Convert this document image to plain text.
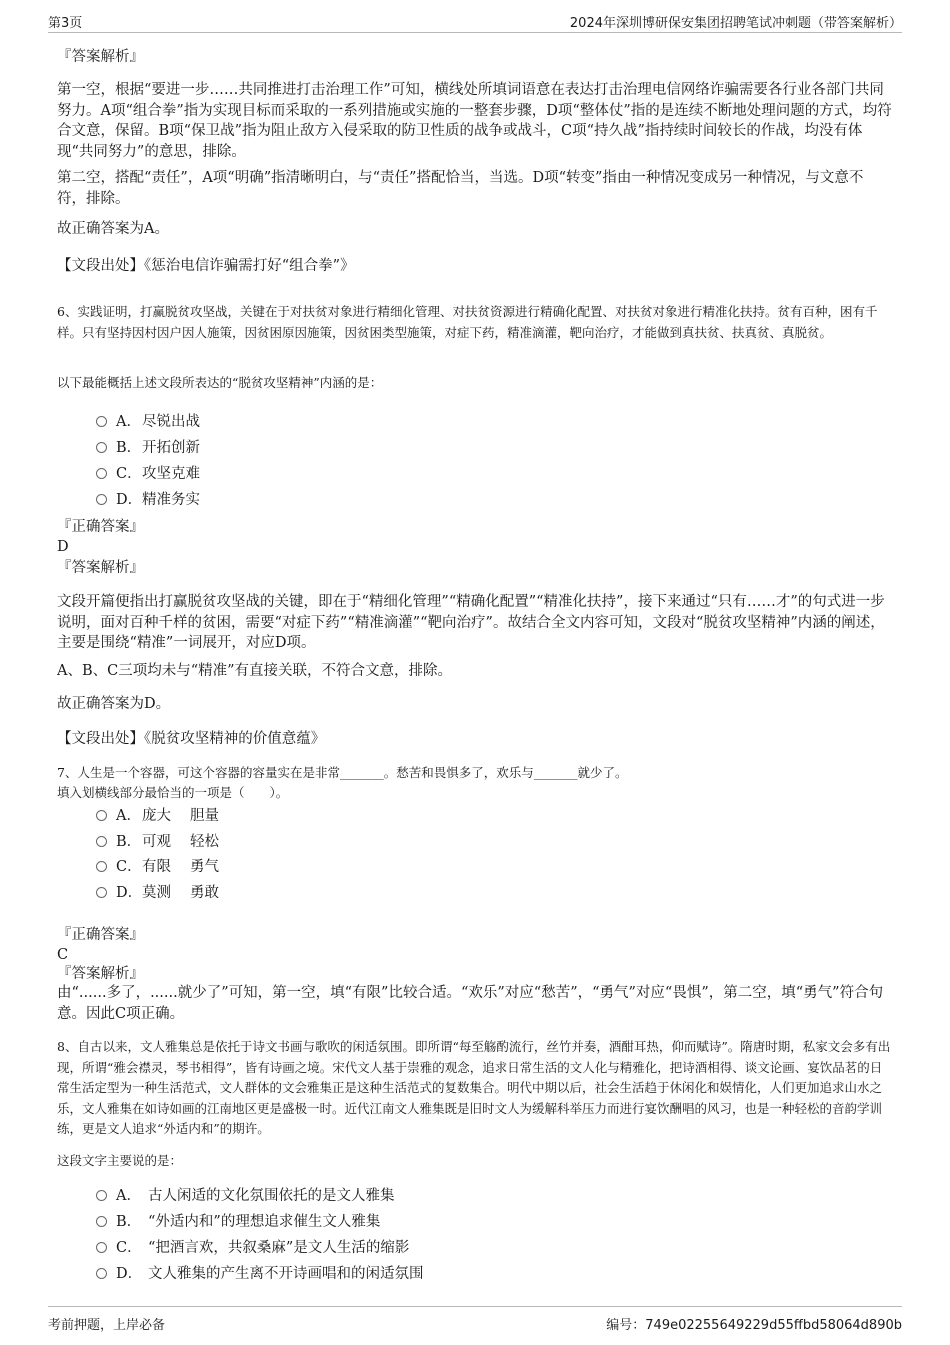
第3页	2024年深圳博研保安集团招聘笔试冲刺题（带答案解析）
『答案解析』
第一空，根据“要进一步……共同推进打击治理工作”可知，横线处所填词语意在表达打击治理电信网络诈骗需要各行业各部门共同努力。A项“组合拳”指为实现目标而采取的一系列措施或实施的一整套步骤，D项“整体仗”指的是连续不断地处理问题的方式，均符合文意，保留。B项“保卫战”指为阻止敌方入侵采取的防卫性质的战争或战斗，C项“持久战”指持续时间较长的作战，均没有体现“共同努力”的意思，排除。
第二空，搭配“责任”，A项“明确”指清晰明白，与“责任”搭配恰当，当选。D项“转变”指由一种情况变成另一种情况，与文意不符，排除。
故正确答案为A。
【文段出处】《惩治电信诈骗需打好“组合拳”》
6、实践证明，打赢脱贫攻坚战，关键在于对扶贫对象进行精细化管理、对扶贫资源进行精确化配置、对扶贫对象进行精准化扶持。贫有百种，困有千样。只有坚持因村因户因人施策，因贫困原因施策，因贫困类型施策，对症下药，精准滴灌，靶向治疗，才能做到真扶贫、扶真贫、真脱贫。
以下最能概括上述文段所表达的“脱贫攻坚精神”内涵的是：
A．尽锐出战
B．开拓创新
C．攻坚克难
D．精准务实
『正确答案』
D
『答案解析』
文段开篇便指出打赢脱贫攻坚战的关键，即在于“精细化管理”“精确化配置”“精准化扶持”，接下来通过“只有……才”的句式进一步说明，面对百种千样的贫困，需要“对症下药”“精准滴灌”“靶向治疗”。故结合全文内容可知，文段对“脱贫攻坚精神”内涵的阐述，主要是围绕“精准”一词展开，对应D项。
A、B、C三项均未与“精准”有直接关联，不符合文意，排除。
故正确答案为D。
【文段出处】《脱贫攻坚精神的价值意蕴》
7、人生是一个容器，可这个容器的容量实在是非常_______。愁苦和畏惧多了，欢乐与_______就少了。
填入划横线部分最恰当的一项是（　　）。
A．庞大 胆量
B．可观 轻松
C．有限 勇气
D．莫测 勇敢
『正确答案』
C
『答案解析』
由“......多了，......就少了”可知，第一空，填“有限”比较合适。“欢乐”对应“愁苦”，“勇气”对应“畏惧”，第二空，填“勇气”符合句意。因此C项正确。
8、自古以来，文人雅集总是依托于诗文书画与歌吹的闲适氛围。即所谓“每至觞酌流行，丝竹并奏，酒酣耳热，仰而赋诗”。隋唐时期，私家文会多有出现，所谓“雅会襟灵，琴书相得”，皆有诗画之境。宋代文人基于崇雅的观念，追求日常生活的文人化与精雅化，把诗酒相得、谈文论画、宴饮品茗的日常生活定型为一种生活范式，文人群体的文会雅集正是这种生活范式的复数集合。明代中期以后，社会生活趋于休闲化和娱情化，人们更加追求山水之乐，文人雅集在如诗如画的江南地区更是盛极一时。近代江南文人雅集既是旧时文人为缓解科举压力而进行宴饮酬唱的风习，也是一种轻松的音韵学训练，更是文人追求“外适内和”的期许。
这段文字主要说的是：
A． 古人闲适的文化氛围依托的是文人雅集
B． “外适内和”的理想追求催生文人雅集
C． “把酒言欢，共叙桑麻”是文人生活的缩影
D． 文人雅集的产生离不开诗画唱和的闲适氛围
考前押题，上岸必备	编号：749e02255649229d55ffbd58064d890b
